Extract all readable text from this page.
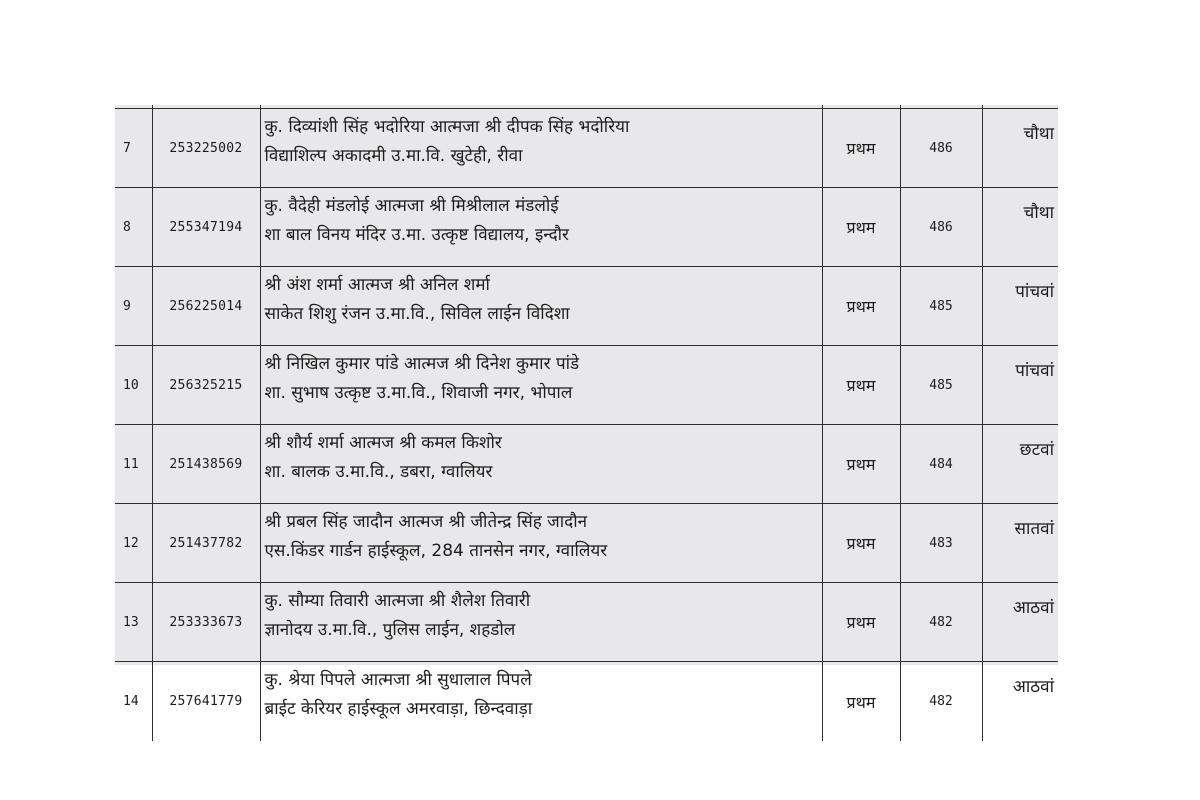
7	253225002	कु. दिव्यांशी सिंह भदोरिया आत्मजा श्री दीपक सिंह भदोरिया
विद्याशिल्प अकादमी उ.मा.वि. खुटेही, रीवा	प्रथम	486	चौथा
8	255347194	कु. वैदेही मंडलोई आत्मजा श्री मिश्रीलाल मंडलोई
शा बाल विनय मंदिर उ.मा. उत्कृष्ट विद्यालय, इन्दौर	प्रथम	486	चौथा
9	256225014	श्री अंश शर्मा आत्मज श्री अनिल शर्मा
साकेत शिशु रंजन उ.मा.वि., सिविल लाईन विदिशा	प्रथम	485	पांचवां
10	256325215	श्री निखिल कुमार पांडे आत्मज श्री दिनेश कुमार पांडे
शा. सुभाष उत्कृष्ट उ.मा.वि., शिवाजी नगर, भोपाल	प्रथम	485	पांचवां
11	251438569	श्री शौर्य शर्मा आत्मज श्री कमल किशोर
शा. बालक उ.मा.वि., डबरा, ग्वालियर	प्रथम	484	छटवां
12	251437782	श्री प्रबल सिंह जादौन आत्मज श्री जीतेन्द्र सिंह जादौन
एस.किंडर गार्डन हाईस्कूल, 284 तानसेन नगर, ग्वालियर	प्रथम	483	सातवां
13	253333673	कु. सौम्या तिवारी आत्मजा श्री शैलेश तिवारी
ज्ञानोदय उ.मा.वि., पुलिस लाईन, शहडोल	प्रथम	482	आठवां
14	257641779	कु. श्रेया पिपले आत्मजा श्री सुधालाल पिपले
ब्राईट केरियर हाईस्कूल अमरवाड़ा, छिन्दवाड़ा	प्रथम	482	आठवां
